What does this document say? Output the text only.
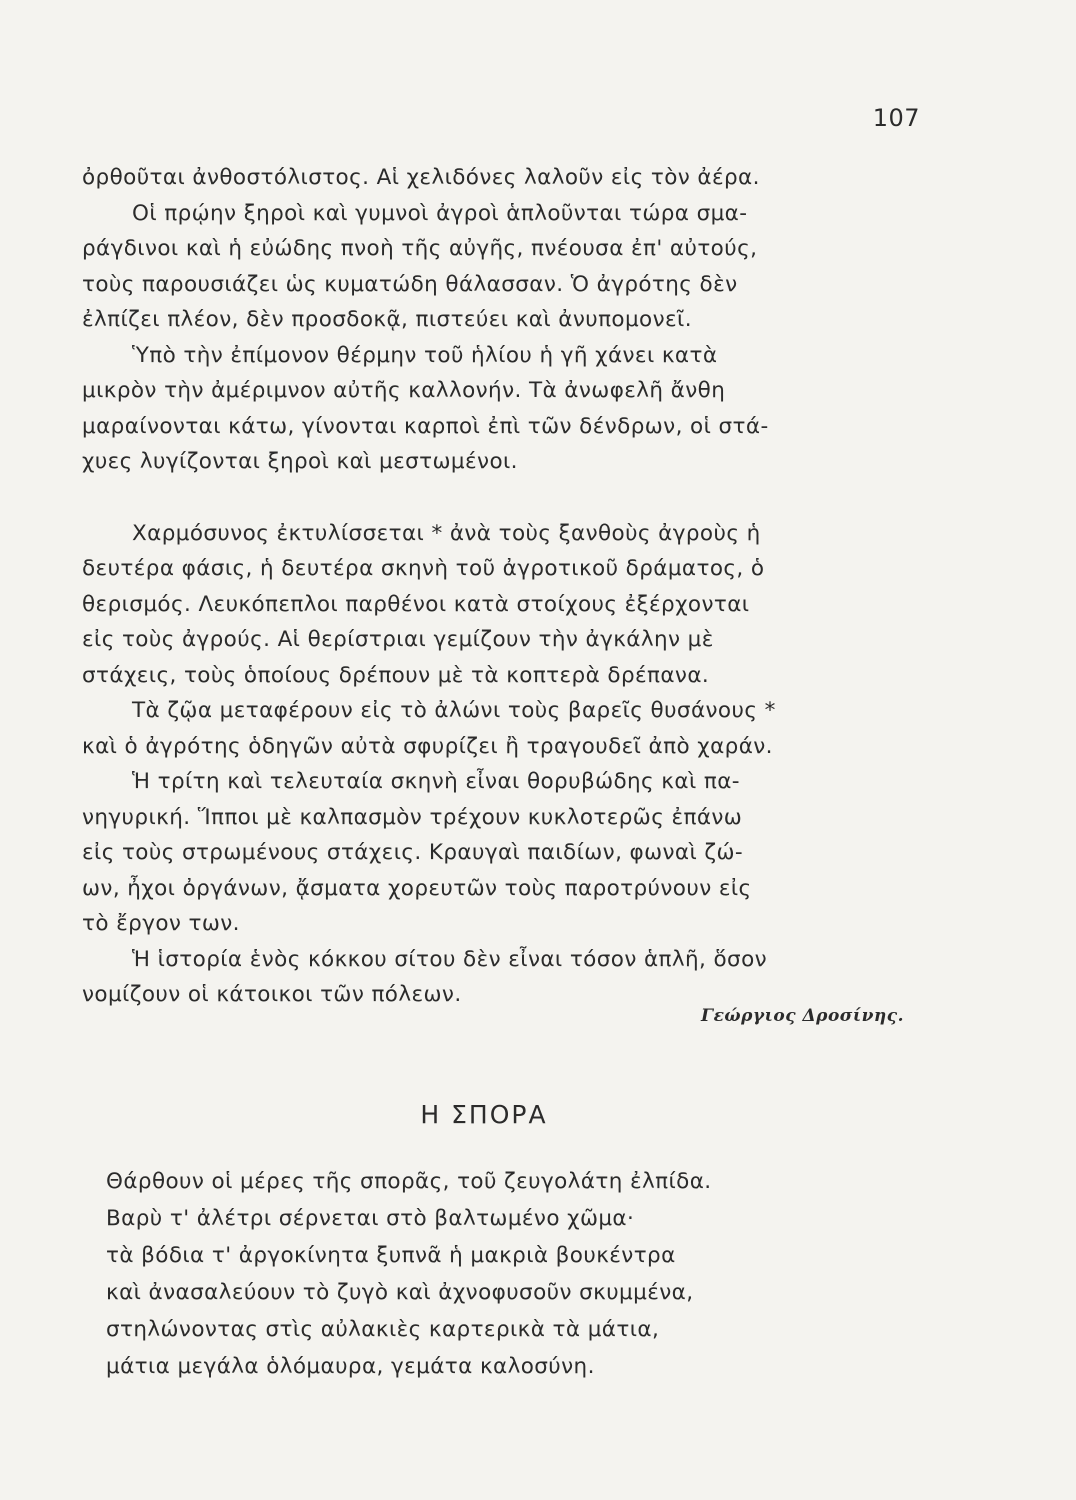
107
ὀρθοῦται ἀνθοστόλιστος. Αἱ χελιδόνες λαλοῦν εἰς τὸν ἀέρα.
Οἱ πρῴην ξηροὶ καὶ γυμνοὶ ἀγροὶ ἁπλοῦνται τώρα σμα-
ράγδινοι καὶ ἡ εὐώδης πνοὴ τῆς αὐγῆς, πνέουσα ἐπ' αὐτούς,
τοὺς παρουσιάζει ὡς κυματώδη θάλασσαν. Ὁ ἀγρότης δὲν
ἐλπίζει πλέον, δὲν προσδοκᾷ, πιστεύει καὶ ἀνυπομονεῖ.
Ὑπὸ τὴν ἐπίμονον θέρμην τοῦ ἡλίου ἡ γῆ χάνει κατὰ
μικρὸν τὴν ἀμέριμνον αὐτῆς καλλονήν. Τὰ ἀνωφελῆ ἄνθη
μαραίνονται κάτω, γίνονται καρποὶ ἐπὶ τῶν δένδρων, οἱ στά-
χυες λυγίζονται ξηροὶ καὶ μεστωμένοι.
Χαρμόσυνος ἐκτυλίσσεται * ἀνὰ τοὺς ξανθοὺς ἀγροὺς ἡ
δευτέρα φάσις, ἡ δευτέρα σκηνὴ τοῦ ἀγροτικοῦ δράματος, ὁ
θερισμός. Λευκόπεπλοι παρθένοι κατὰ στοίχους ἐξέρχονται
εἰς τοὺς ἀγρούς. Αἱ θερίστριαι γεμίζουν τὴν ἀγκάλην μὲ
στάχεις, τοὺς ὁποίους δρέπουν μὲ τὰ κοπτερὰ δρέπανα.
Τὰ ζῷα μεταφέρουν εἰς τὸ ἀλώνι τοὺς βαρεῖς θυσάνους *
καὶ ὁ ἀγρότης ὁδηγῶν αὐτὰ σφυρίζει ἢ τραγουδεῖ ἀπὸ χαράν.
Ἡ τρίτη καὶ τελευταία σκηνὴ εἶναι θορυβώδης καὶ πα-
νηγυρική. Ἵπποι μὲ καλπασμὸν τρέχουν κυκλοτερῶς ἐπάνω
εἰς τοὺς στρωμένους στάχεις. Κραυγαὶ παιδίων, φωναὶ ζώ-
ων, ἦχοι ὀργάνων, ᾄσματα χορευτῶν τοὺς παροτρύνουν εἰς
τὸ ἔργον των.
Ἡ ἱστορία ἑνὸς κόκκου σίτου δὲν εἶναι τόσον ἁπλῆ, ὅσον
νομίζουν οἱ κάτοικοι τῶν πόλεων.
Γεώργιος Δροσίνης.
Η ΣΠΟΡΑ
Θάρθουν οἱ μέρες τῆς σπορᾶς, τοῦ ζευγολάτη ἐλπίδα.
Βαρὺ τ' ἀλέτρι σέρνεται στὸ βαλτωμένο χῶμα·
τὰ βόδια τ' ἀργοκίνητα ξυπνᾶ ἡ μακριὰ βουκέντρα
καὶ ἀνασαλεύουν τὸ ζυγὸ καὶ ἀχνοφυσοῦν σκυμμένα,
στηλώνοντας στὶς αὐλακιὲς καρτερικὰ τὰ μάτια,
μάτια μεγάλα ὁλόμαυρα, γεμάτα καλοσύνη.
